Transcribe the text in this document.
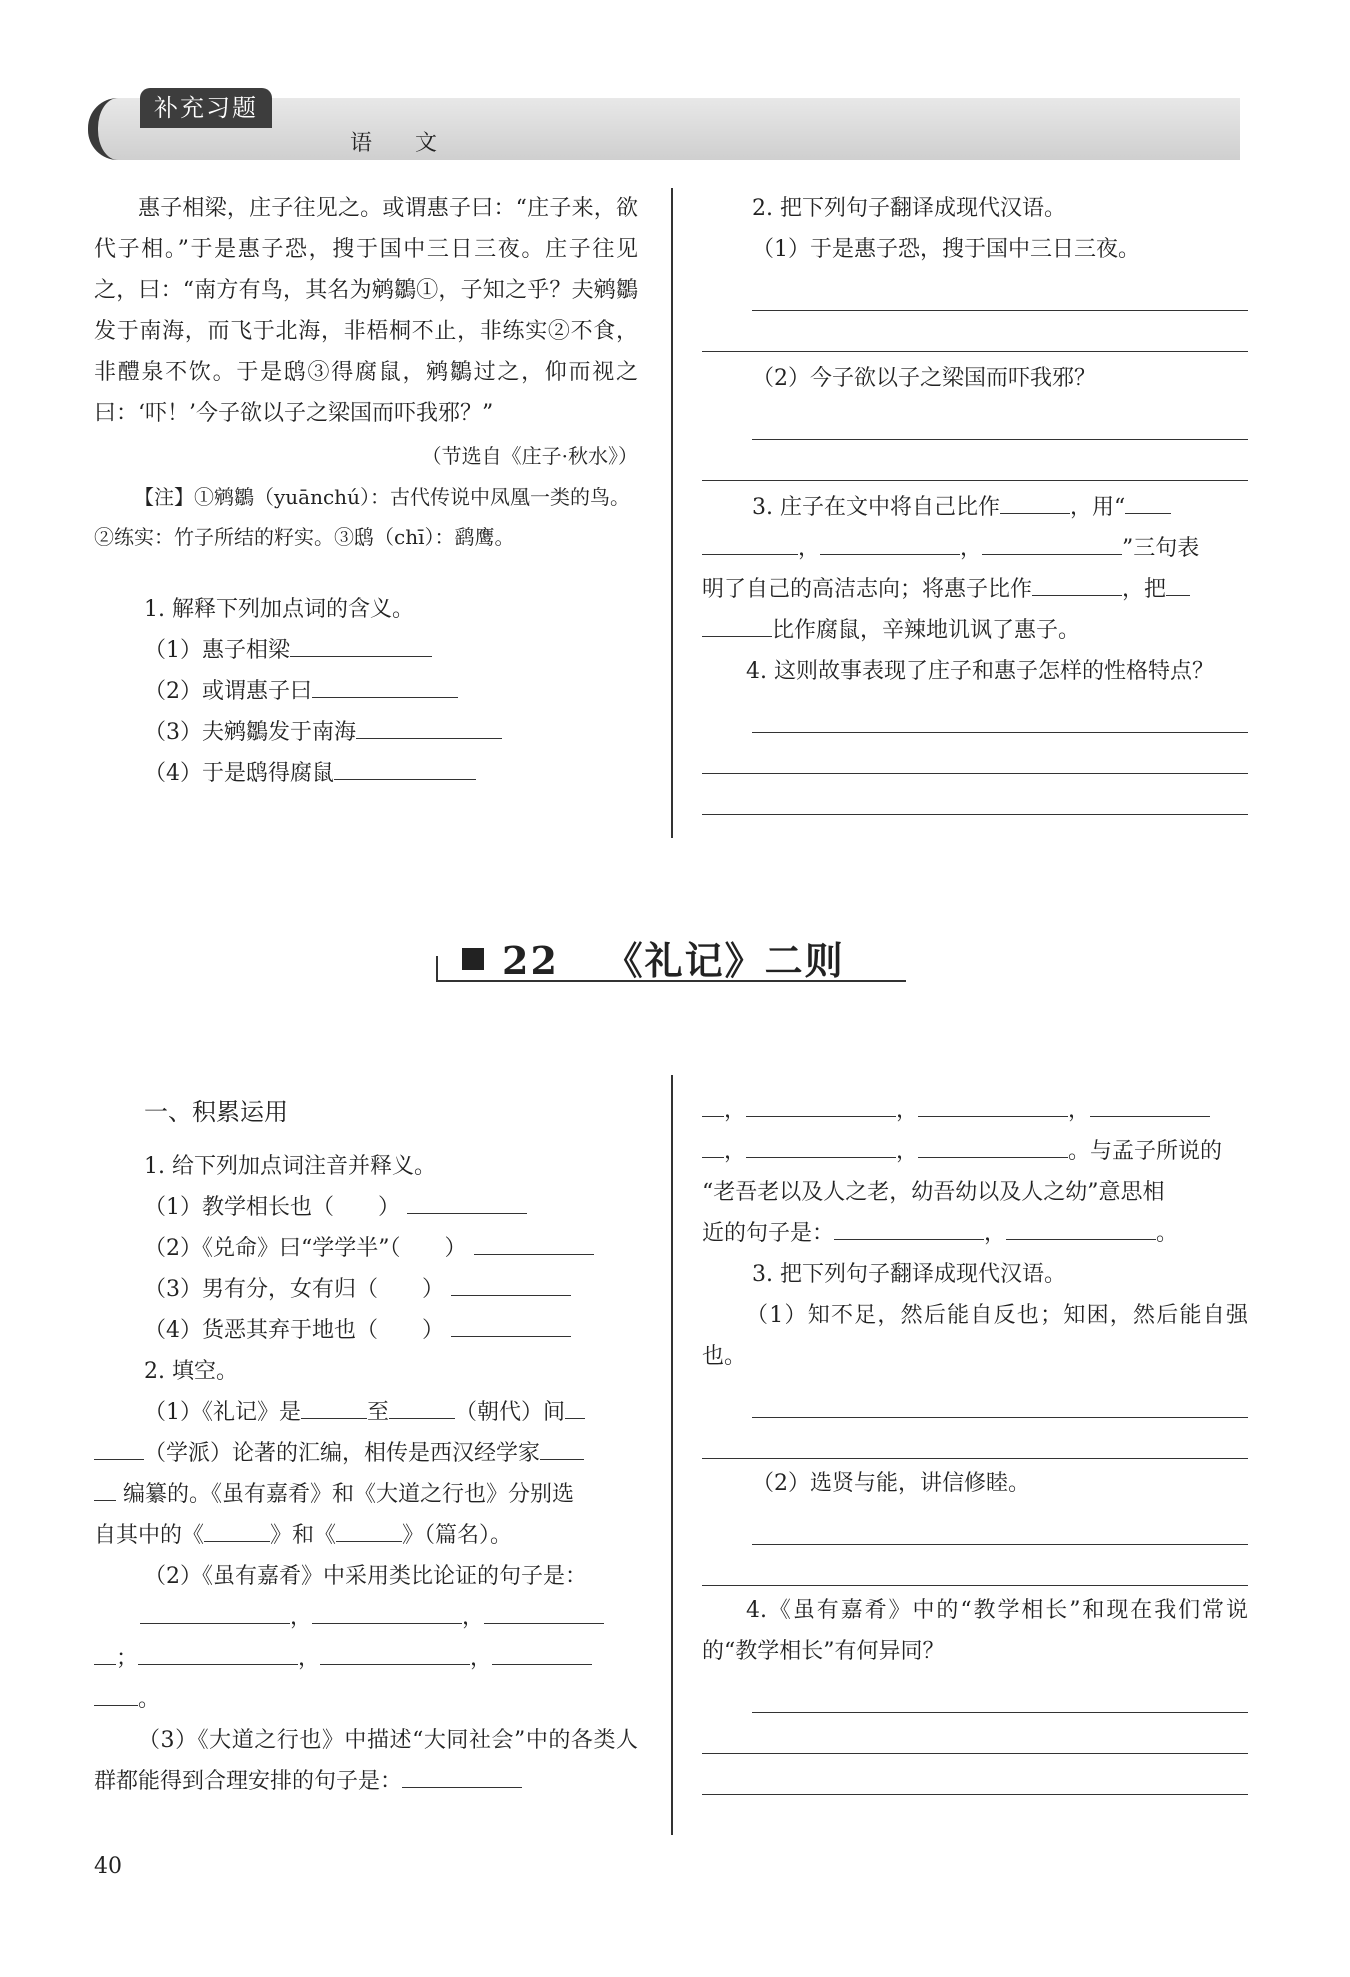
补充习题
语 文

惠子相梁，庄子往见之。或谓惠子曰：“庄子来，欲代子相。”于是惠子恐，搜于国中三日三夜。庄子往见之，曰：“南方有鸟，其名为鹓鶵①，子知之乎？夫鹓鶵发于南海，而飞于北海，非梧桐不止，非练实②不食，非醴泉不饮。于是鸱③得腐鼠，鹓鶵过之，仰而视之曰：‘吓！’今子欲以子之梁国而吓我邪？”

（节选自《庄子·秋水》）

【注】①鹓鶵（yuānchú）：古代传说中凤凰一类的鸟。②练实：竹子所结的籽实。③鸱（chī）：鹞鹰。

1. 解释下列加点词的含义。

（1）惠子相梁

（2）或谓惠子曰

（3）夫鹓鶵发于南海

（4）于是鸱得腐鼠

2. 把下列句子翻译成现代汉语。

（1）于是惠子恐，搜于国中三日三夜。

（2）今子欲以子之梁国而吓我邪？

3. 庄子在文中将自己比作	，用“

，	，	”三句表

明了自己的高洁志向；将惠子比作	，把

比作腐鼠，辛辣地讥讽了惠子。

4. 这则故事表现了庄子和惠子怎样的性格特点？

22 《礼记》二则

一、积累运用

1. 给下列加点词注音并释义。

（1）教学相长也（　　）

（2）《兑命》曰“学学半”（　　）

（3）男有分，女有归（　　）

（4）货恶其弃于地也（　　）

2. 填空。

（1）《礼记》是	至	（朝代）间

（学派）论著的汇编，相传是西汉经学家

编纂的。《虽有嘉肴》和《大道之行也》分别选

自其中的《	》和《	》（篇名）。

（2）《虽有嘉肴》中采用类比论证的句子是：

，	，

；	，	，

。

（3）《大道之行也》中描述“大同社会”中的各类人群都能得到合理安排的句子是：

，	，	，

，	，	。与孟子所说的

“老吾老以及人之老，幼吾幼以及人之幼”意思相

近的句子是：	，	。

3. 把下列句子翻译成现代汉语。

（1）知不足，然后能自反也；知困，然后能自强也。

（2）选贤与能，讲信修睦。

4.《虽有嘉肴》中的“教学相长”和现在我们常说的“教学相长”有何异同？

40
